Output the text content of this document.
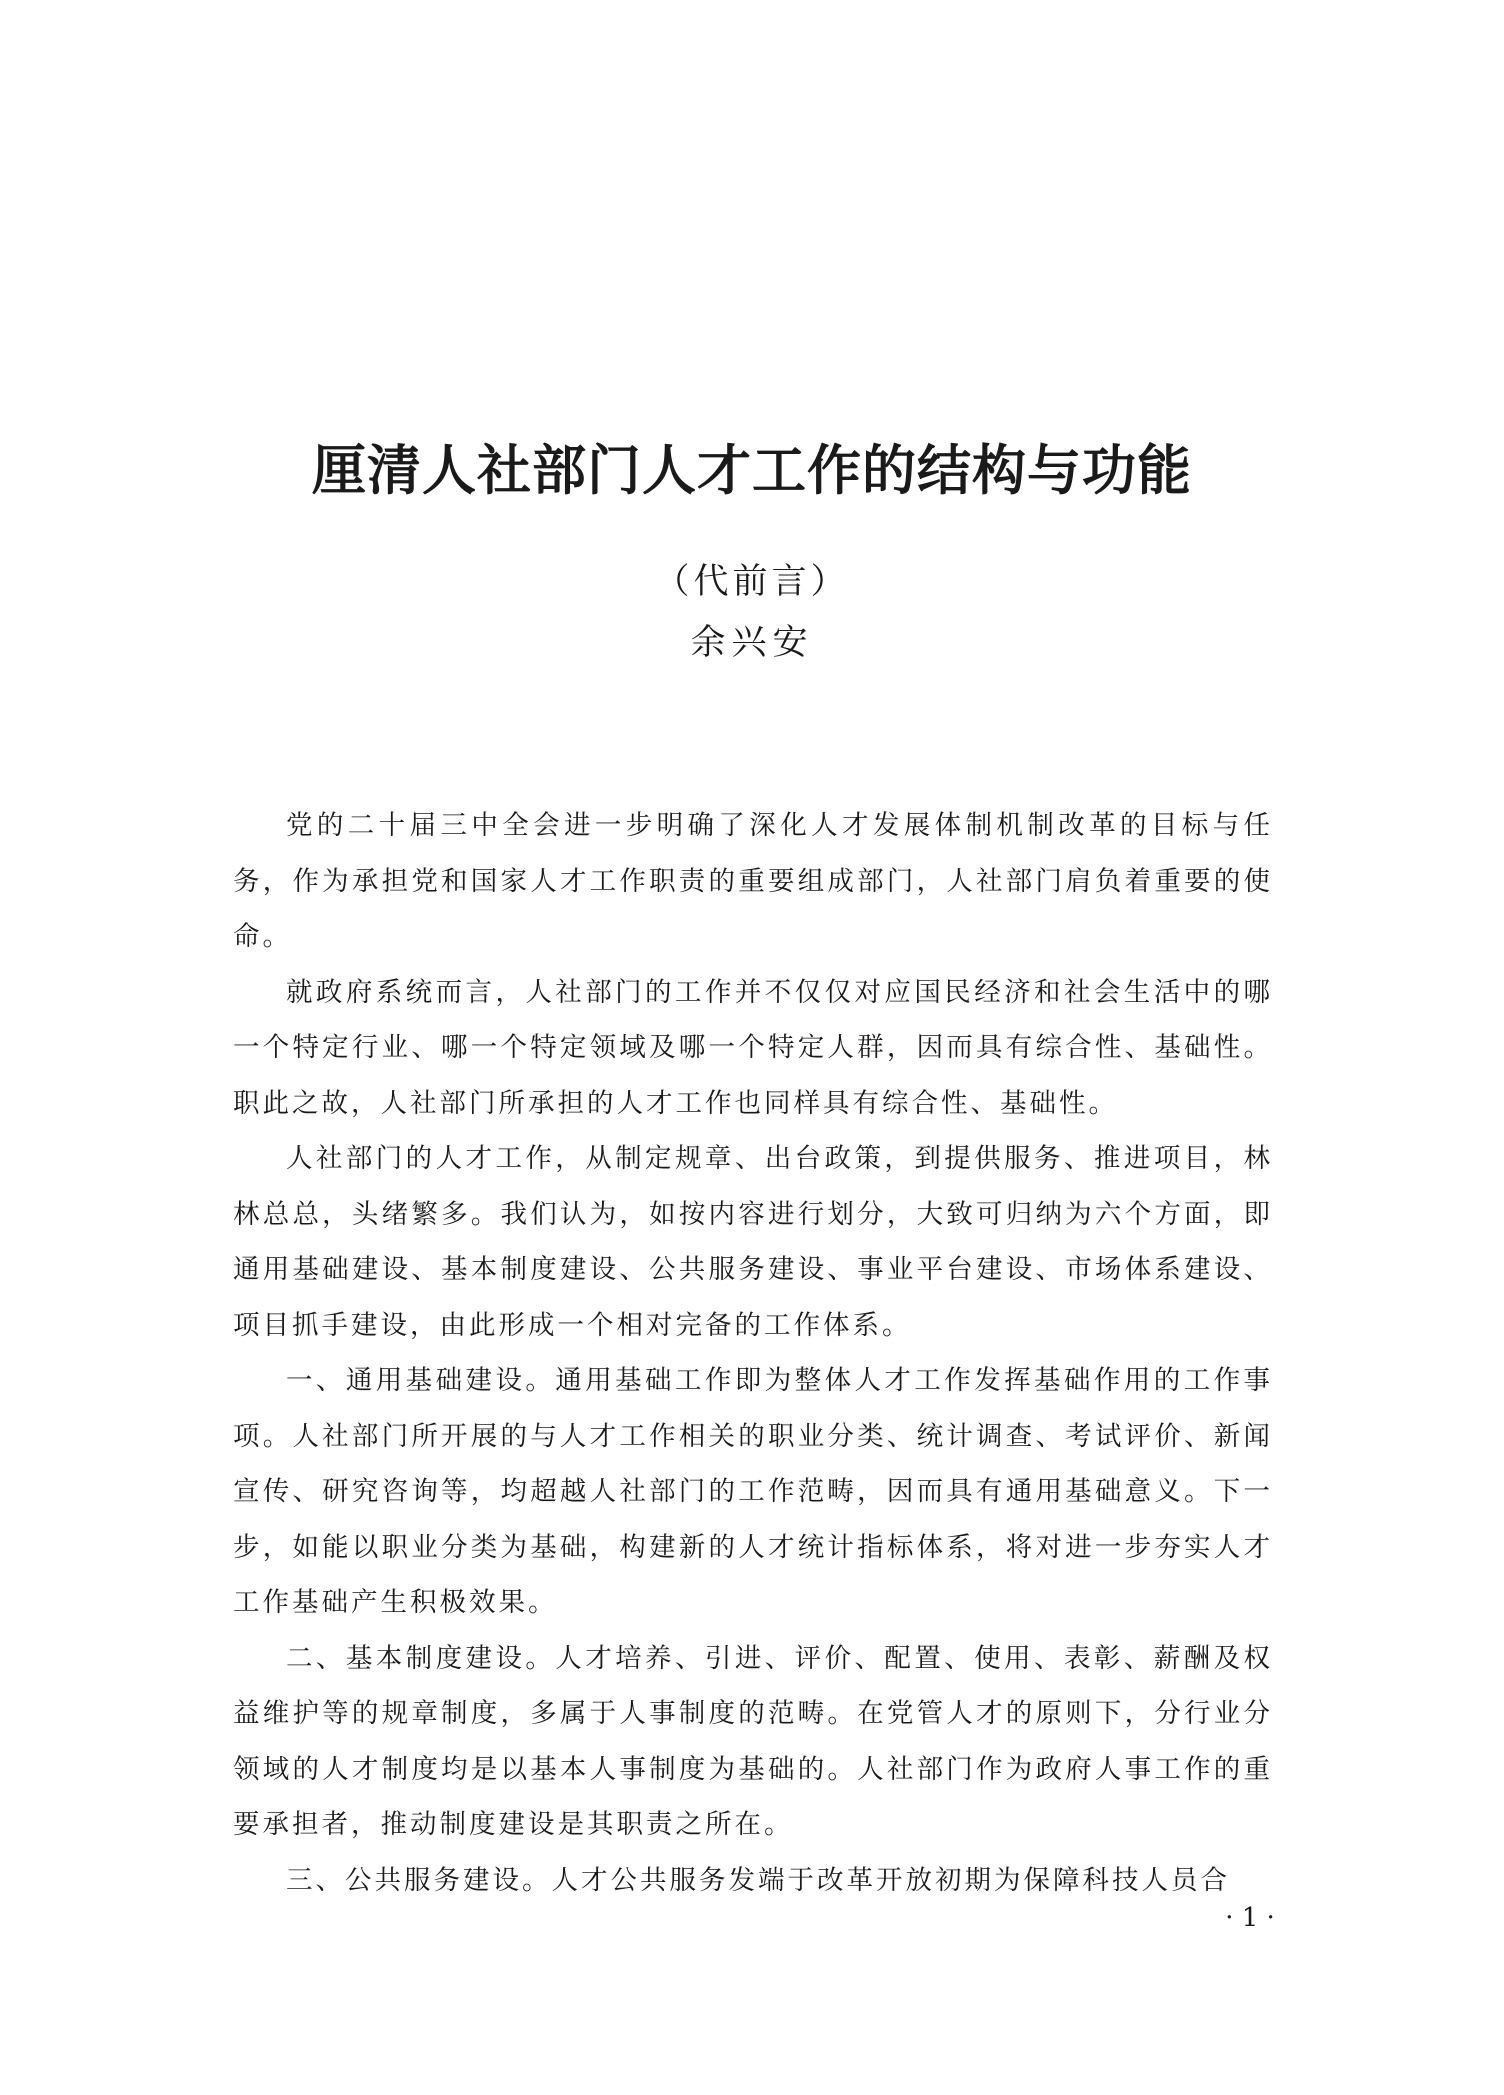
厘清人社部门人才工作的结构与功能
（代前言）
余兴安

党的二十届三中全会进一步明确了深化人才发展体制机制改革的目标与任务，作为承担党和国家人才工作职责的重要组成部门，人社部门肩负着重要的使命。

就政府系统而言，人社部门的工作并不仅仅对应国民经济和社会生活中的哪一个特定行业、哪一个特定领域及哪一个特定人群，因而具有综合性、基础性。职此之故，人社部门所承担的人才工作也同样具有综合性、基础性。

人社部门的人才工作，从制定规章、出台政策，到提供服务、推进项目，林林总总，头绪繁多。我们认为，如按内容进行划分，大致可归纳为六个方面，即通用基础建设、基本制度建设、公共服务建设、事业平台建设、市场体系建设、项目抓手建设，由此形成一个相对完备的工作体系。

一、通用基础建设。通用基础工作即为整体人才工作发挥基础作用的工作事项。人社部门所开展的与人才工作相关的职业分类、统计调查、考试评价、新闻宣传、研究咨询等，均超越人社部门的工作范畴，因而具有通用基础意义。下一步，如能以职业分类为基础，构建新的人才统计指标体系，将对进一步夯实人才工作基础产生积极效果。

二、基本制度建设。人才培养、引进、评价、配置、使用、表彰、薪酬及权益维护等的规章制度，多属于人事制度的范畴。在党管人才的原则下，分行业分领域的人才制度均是以基本人事制度为基础的。人社部门作为政府人事工作的重要承担者，推动制度建设是其职责之所在。

三、公共服务建设。人才公共服务发端于改革开放初期为保障科技人员合

· 1 ·
